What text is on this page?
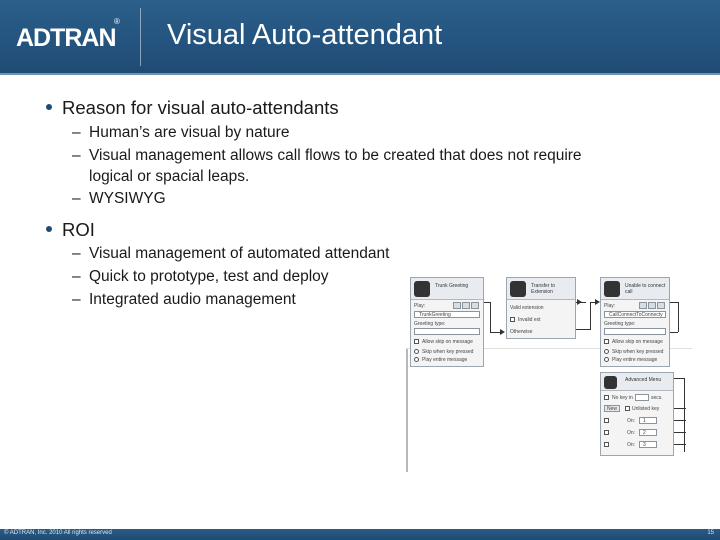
ADTRAN
® Visual Auto-attendant
Reason for visual auto-attendants
– Human’s are visual by nature
– Visual management allows call flows to be created that does not require
logical or spacial leaps.
– WYSIWYG
ROI
– Visual management of automated attendant
– Quick to prototype, test and deploy
– Integrated audio management
Trunk Greeting
Play:
TrunkGreeting
Greeting type:
Allow skip on message
Skip when key pressed
Play entire message
Transfer to Extension
Valid extension
Invalid ext
Otherwise
Unable to connect call
Play:
CallConnectToConnecty
Greeting type:
Allow skip on message
Skip when key pressed
Play entire message
Advanced Menu
No key in	secs.
New	Unlisted key
On: 1
On: 2
On: 3
© ADTRAN, Inc. 2010 All rights reserved	15
